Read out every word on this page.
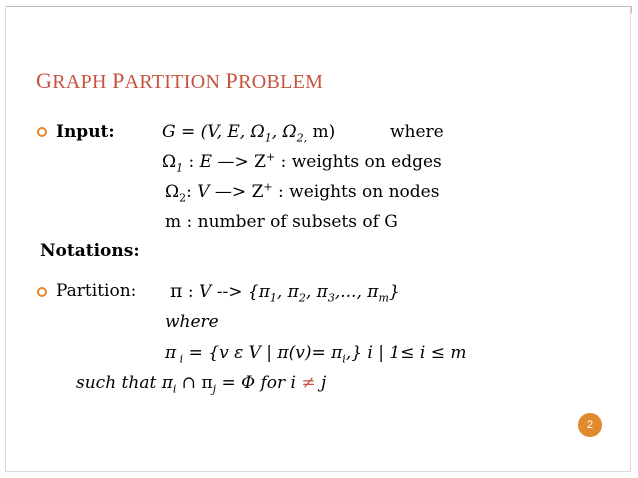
GRAPH PARTITION PROBLEM
Input:	G = (V, E, $\Omega_1$, $\Omega_{2,}$ m)	where
$\Omega_1$ : E —> Z+ : weights on edges
$\Omega_2$: V —> Z+ : weights on nodes
m : number of subsets of G
Notations:
Partition: π : V --> {$\pi_1$, $\pi_2$, $\pi_3$,..., $\pi_m$}
where
π $_i$ = {v ε V | $\pi(v)= \pi_i$,} i | 1≤ i ≤ m
such that $\pi_i$ ∩ $\pi_j = \Phi$ for i ≠ j
2
